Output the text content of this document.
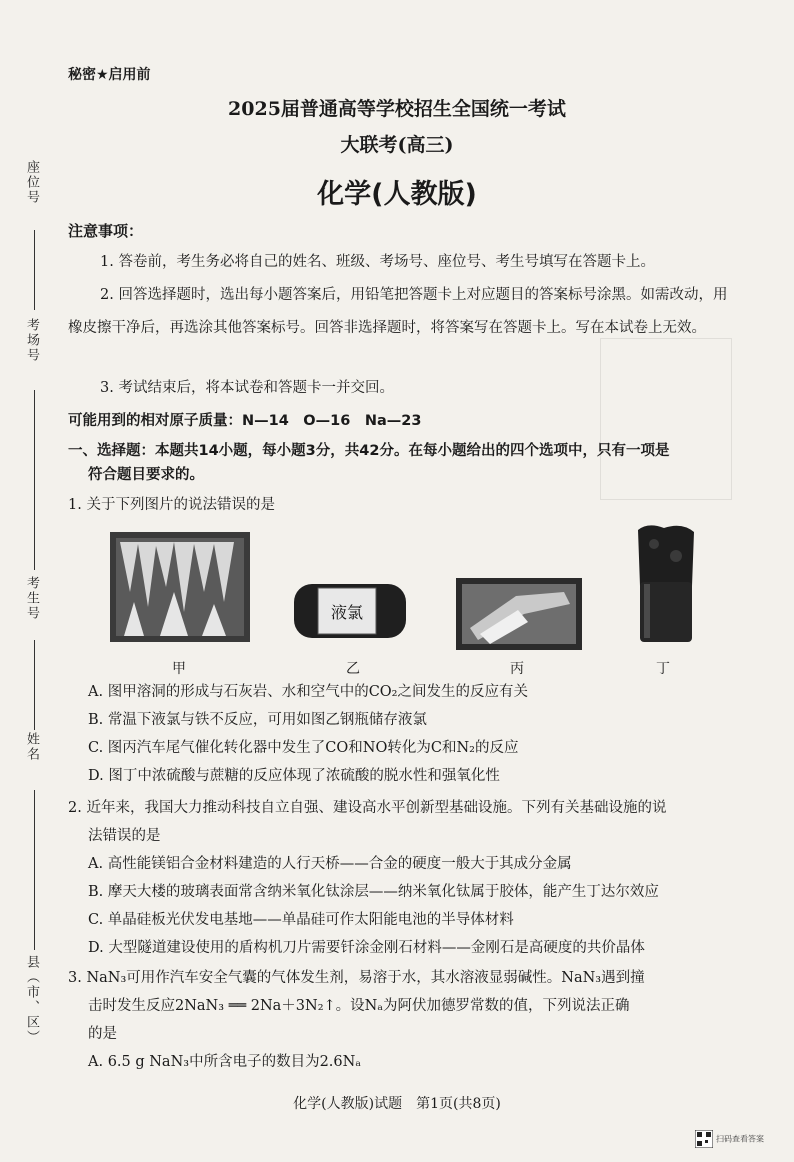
座位号
考场号
考生号
姓名
县（市、区）
秘密★启用前
2025届普通高等学校招生全国统一考试
大联考(高三)
化学(人教版)
注意事项：
1. 答卷前，考生务必将自己的姓名、班级、考场号、座位号、考生号填写在答题卡上。
2. 回答选择题时，选出每小题答案后，用铅笔把答题卡上对应题目的答案标号涂黑。如需改动，用橡皮擦干净后，再选涂其他答案标号。回答非选择题时，将答案写在答题卡上。写在本试卷上无效。
3. 考试结束后，将本试卷和答题卡一并交回。
可能用到的相对原子质量：N—14　O—16　Na—23
一、选择题：本题共14小题，每小题3分，共42分。在每小题给出的四个选项中，只有一项是
符合题目要求的。
1. 关于下列图片的说法错误的是
甲
液氯
乙	丙	丁
A. 图甲溶洞的形成与石灰岩、水和空气中的CO₂之间发生的反应有关
B. 常温下液氯与铁不反应，可用如图乙钢瓶储存液氯
C. 图丙汽车尾气催化转化器中发生了CO和NO转化为C和N₂的反应
D. 图丁中浓硫酸与蔗糖的反应体现了浓硫酸的脱水性和强氧化性
2. 近年来，我国大力推动科技自立自强、建设高水平创新型基础设施。下列有关基础设施的说
法错误的是
A. 高性能镁铝合金材料建造的人行天桥——合金的硬度一般大于其成分金属
B. 摩天大楼的玻璃表面常含纳米氧化钛涂层——纳米氧化钛属于胶体，能产生丁达尔效应
C. 单晶硅板光伏发电基地——单晶硅可作太阳能电池的半导体材料
D. 大型隧道建设使用的盾构机刀片需要钎涂金刚石材料——金刚石是高硬度的共价晶体
3. NaN₃可用作汽车安全气囊的气体发生剂，易溶于水，其水溶液显弱碱性。NaN₃遇到撞
击时发生反应2NaN₃ ══ 2Na＋3N₂↑。设Nₐ为阿伏加德罗常数的值，下列说法正确
的是
A. 6.5 g NaN₃中所含电子的数目为2.6Nₐ
化学(人教版)试题　第1页(共8页)
扫码查看答案
